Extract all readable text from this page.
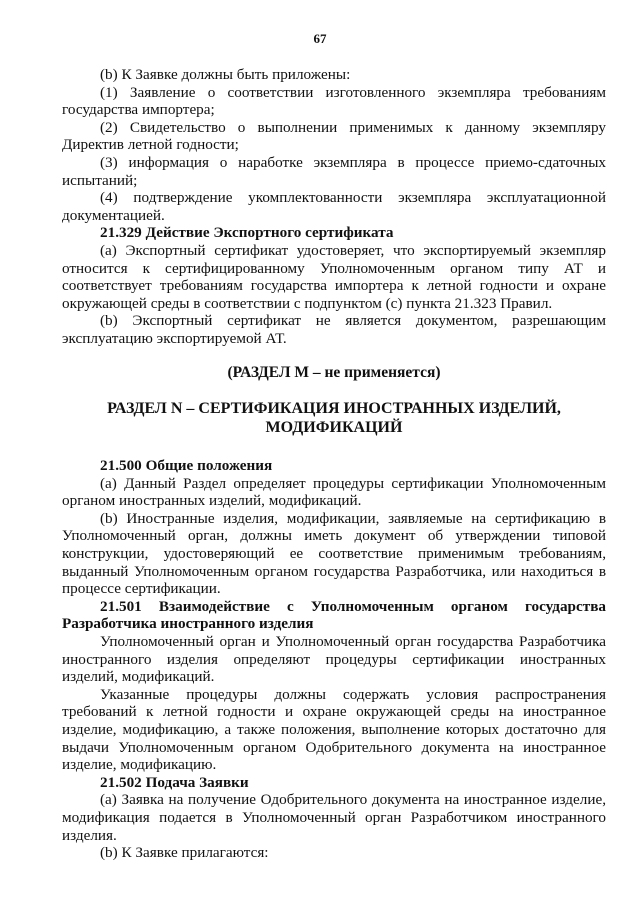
67

(b) К Заявке должны быть приложены:

(1) Заявление о соответствии изготовленного экземпляра требованиям государства импортера;

(2) Свидетельство о выполнении применимых к данному экземпляру Директив летной годности;

(3) информация о наработке экземпляра в процессе приемо-сдаточных испытаний;

(4) подтверждение укомплектованности экземпляра эксплуатационной документацией.

21.329 Действие Экспортного сертификата

(a) Экспортный сертификат удостоверяет, что экспортируемый экземпляр относится к сертифицированному Уполномоченным органом типу АТ и соответствует требованиям государства импортера к летной годности и охране окружающей среды в соответствии с подпунктом (с) пункта 21.323 Правил.

(b) Экспортный сертификат не является документом, разрешающим эксплуатацию экспортируемой АТ.

(РАЗДЕЛ М – не применяется)

РАЗДЕЛ N – СЕРТИФИКАЦИЯ ИНОСТРАННЫХ ИЗДЕЛИЙ,
МОДИФИКАЦИЙ

21.500 Общие положения

(a) Данный Раздел определяет процедуры сертификации Уполномоченным органом иностранных изделий, модификаций.

(b) Иностранные изделия, модификации, заявляемые на сертификацию в Уполномоченный орган, должны иметь документ об утверждении типовой конструкции, удостоверяющий ее соответствие применимым требованиям, выданный Уполномоченным органом государства Разработчика, или находиться в процессе сертификации.

21.501 Взаимодействие с Уполномоченным органом государства Разработчика иностранного изделия

Уполномоченный орган и Уполномоченный орган государства Разработчика иностранного изделия определяют процедуры сертификации иностранных изделий, модификаций.

Указанные процедуры должны содержать условия распространения требований к летной годности и охране окружающей среды на иностранное изделие, модификацию, а также положения, выполнение которых достаточно для выдачи Уполномоченным органом Одобрительного документа на иностранное изделие, модификацию.

21.502 Подача Заявки

(a) Заявка на получение Одобрительного документа на иностранное изделие, модификация подается в Уполномоченный орган Разработчиком иностранного изделия.

(b) К Заявке прилагаются:
